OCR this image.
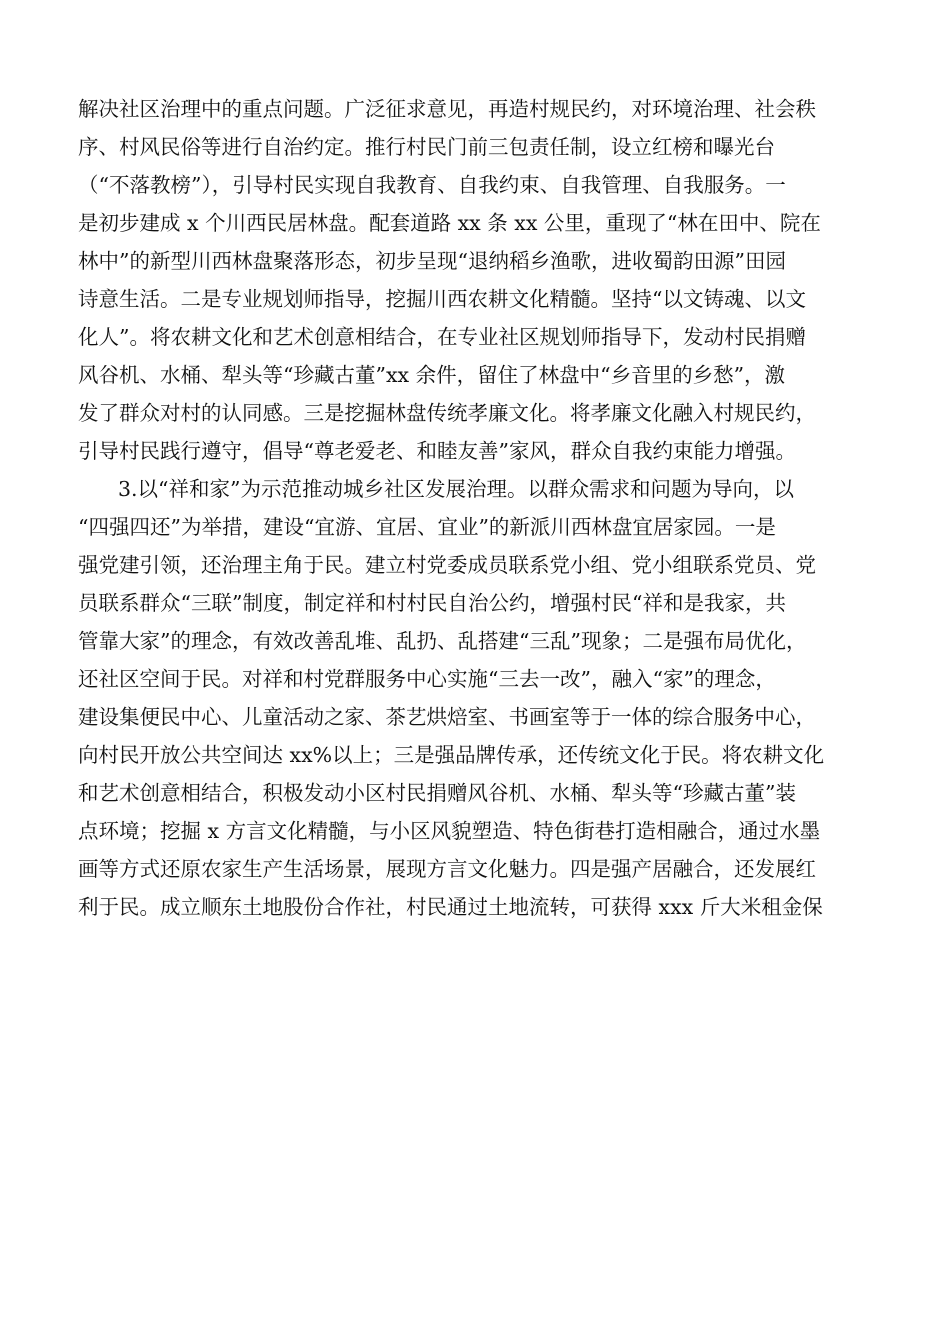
解决社区治理中的重点问题。广泛征求意见，再造村规民约，对环境治理、社会秩
序、村风民俗等进行自治约定。推行村民门前三包责任制，设立红榜和曝光台
（“不落教榜”），引导村民实现自我教育、自我约束、自我管理、自我服务。一
是初步建成 x 个川西民居林盘。配套道路 xx 条 xx 公里，重现了“林在田中、院在
林中”的新型川西林盘聚落形态，初步呈现“退纳稻乡渔歌，进收蜀韵田源”田园
诗意生活。二是专业规划师指导，挖掘川西农耕文化精髓。坚持“以文铸魂、以文
化人”。将农耕文化和艺术创意相结合，在专业社区规划师指导下，发动村民捐赠
风谷机、水桶、犁头等“珍藏古董”xx 余件，留住了林盘中“乡音里的乡愁”，激
发了群众对村的认同感。三是挖掘林盘传统孝廉文化。将孝廉文化融入村规民约，
引导村民践行遵守，倡导“尊老爱老、和睦友善”家风，群众自我约束能力增强。
3.以“祥和家”为示范推动城乡社区发展治理。以群众需求和问题为导向，以
“四强四还”为举措，建设“宜游、宜居、宜业”的新派川西林盘宜居家园。一是
强党建引领，还治理主角于民。建立村党委成员联系党小组、党小组联系党员、党
员联系群众“三联”制度，制定祥和村村民自治公约，增强村民“祥和是我家，共
管靠大家”的理念，有效改善乱堆、乱扔、乱搭建“三乱”现象；二是强布局优化，
还社区空间于民。对祥和村党群服务中心实施“三去一改”，融入“家”的理念，
建设集便民中心、儿童活动之家、茶艺烘焙室、书画室等于一体的综合服务中心，
向村民开放公共空间达 xx%以上；三是强品牌传承，还传统文化于民。将农耕文化
和艺术创意相结合，积极发动小区村民捐赠风谷机、水桶、犁头等“珍藏古董”装
点环境；挖掘 x 方言文化精髓，与小区风貌塑造、特色街巷打造相融合，通过水墨
画等方式还原农家生产生活场景，展现方言文化魅力。四是强产居融合，还发展红
利于民。成立顺东土地股份合作社，村民通过土地流转，可获得 xxx 斤大米租金保
